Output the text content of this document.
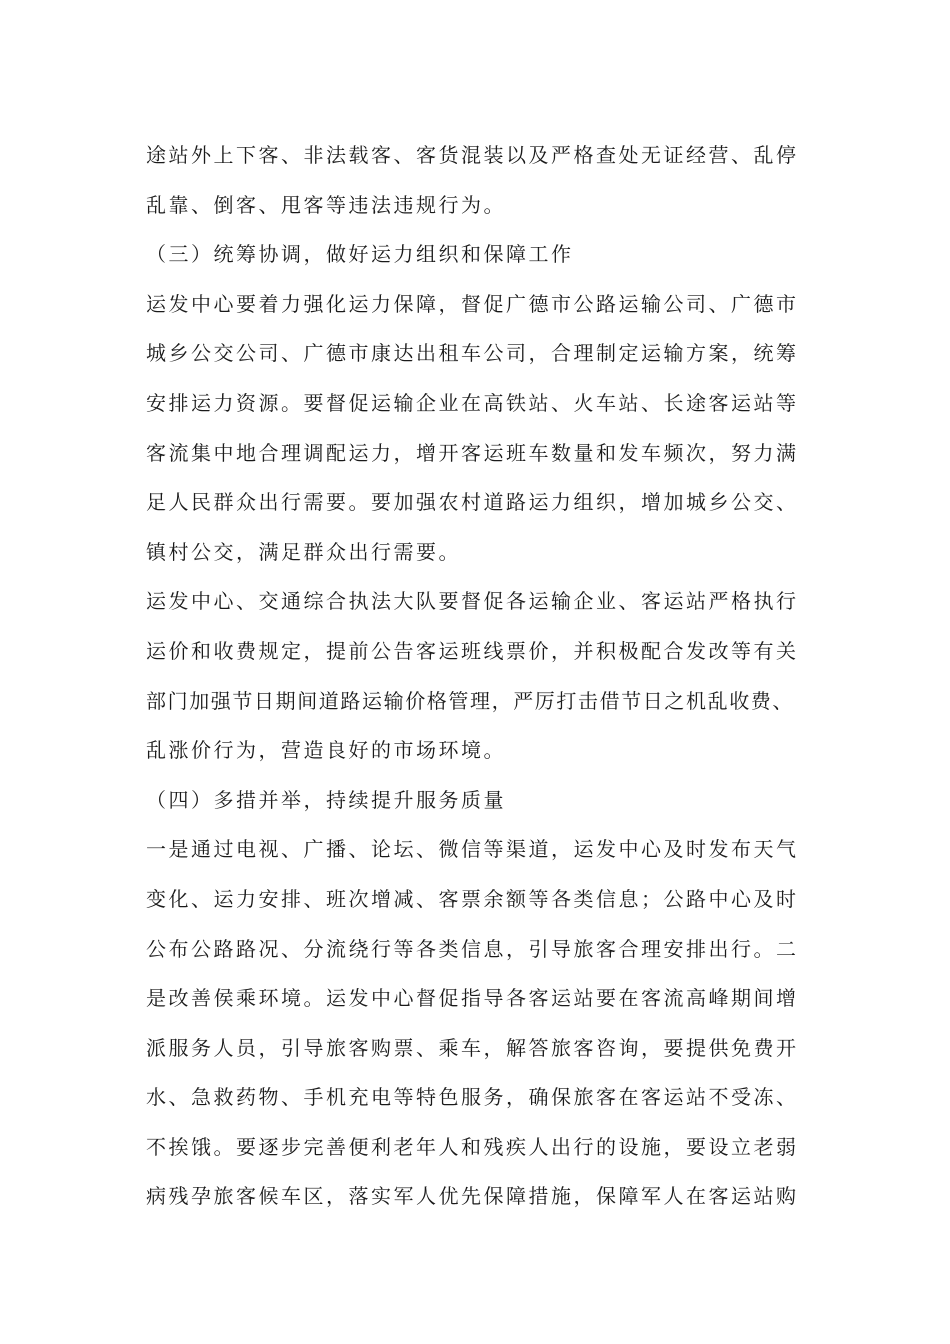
途站外上下客、非法载客、客货混装以及严格查处无证经营、乱停
乱靠、倒客、甩客等违法违规行为。
（三）统筹协调，做好运力组织和保障工作
运发中心要着力强化运力保障，督促广德市公路运输公司、广德市
城乡公交公司、广德市康达出租车公司，合理制定运输方案，统筹
安排运力资源。要督促运输企业在高铁站、火车站、长途客运站等
客流集中地合理调配运力，增开客运班车数量和发车频次，努力满
足人民群众出行需要。要加强农村道路运力组织，增加城乡公交、
镇村公交，满足群众出行需要。
运发中心、交通综合执法大队要督促各运输企业、客运站严格执行
运价和收费规定，提前公告客运班线票价，并积极配合发改等有关
部门加强节日期间道路运输价格管理，严厉打击借节日之机乱收费、
乱涨价行为，营造良好的市场环境。
（四）多措并举，持续提升服务质量
一是通过电视、广播、论坛、微信等渠道，运发中心及时发布天气
变化、运力安排、班次增减、客票余额等各类信息；公路中心及时
公布公路路况、分流绕行等各类信息，引导旅客合理安排出行。二
是改善侯乘环境。运发中心督促指导各客运站要在客流高峰期间增
派服务人员，引导旅客购票、乘车，解答旅客咨询，要提供免费开
水、急救药物、手机充电等特色服务，确保旅客在客运站不受冻、
不挨饿。要逐步完善便利老年人和残疾人出行的设施，要设立老弱
病残孕旅客候车区，落实军人优先保障措施，保障军人在客运站购
